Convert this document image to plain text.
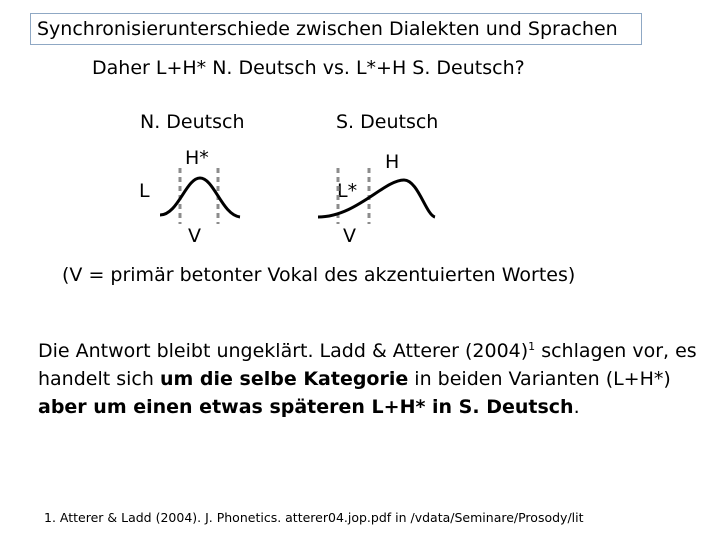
Synchronisierunterschiede zwischen Dialekten und Sprachen
Daher L+H* N. Deutsch vs. L*+H S. Deutsch?
N. Deutsch
H*
L
V
S. Deutsch
H
L*
V
(V = primär betonter Vokal des akzentuierten Wortes)
Die Antwort bleibt ungeklärt. Ladd & Atterer $(2004)^1$ schlagen vor, es handelt sich um die selbe Kategorie in beiden Varianten (L+H*) aber um einen etwas späteren L+H* in S. Deutsch.
1. Atterer & Ladd (2004). J. Phonetics. atterer04.jop.pdf in /vdata/Seminare/Prosody/lit
